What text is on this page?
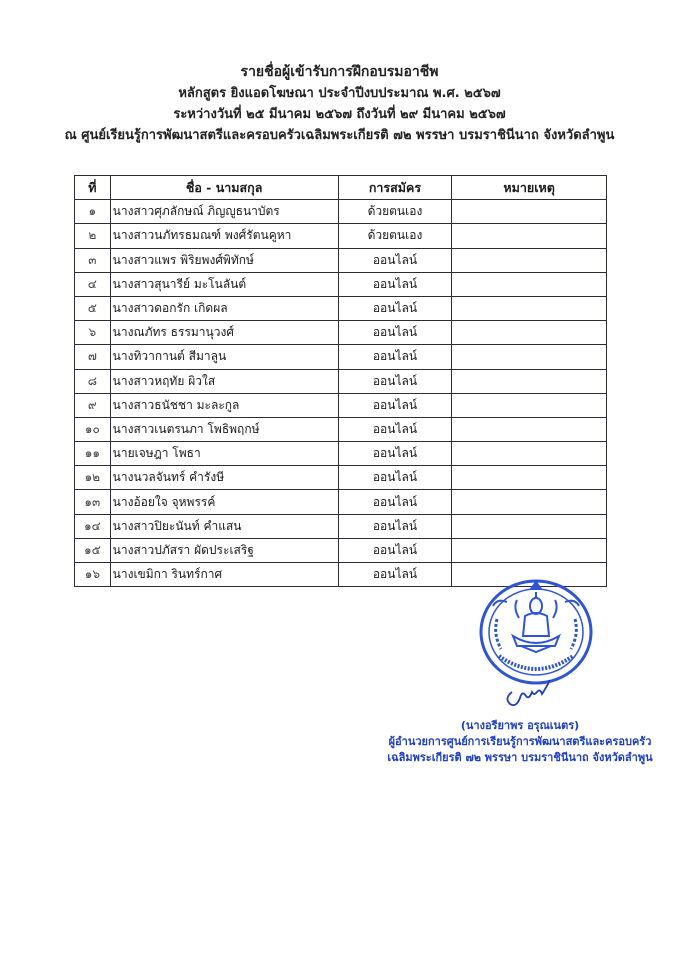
รายชื่อผู้เข้ารับการฝึกอบรมอาชีพ
หลักสูตร ยิงแอดโฆษณา ประจำปีงบประมาณ พ.ศ. ๒๕๖๗
ระหว่างวันที่ ๒๕ มีนาคม ๒๕๖๗ ถึงวันที่ ๒๙ มีนาคม ๒๕๖๗
ณ ศูนย์เรียนรู้การพัฒนาสตรีและครอบครัวเฉลิมพระเกียรติ ๗๒ พรรษา บรมราชินีนาถ จังหวัดลำพูน
ที่	ชื่อ - นามสกุล	การสมัคร	หมายเหตุ
๑	นางสาวศุภลักษณ์ ภิญญูธนาบัตร	ด้วยตนเอง	
๒	นางสาวนภัทรธมณฑ์ พงศ์รัตนคูหา	ด้วยตนเอง	
๓	นางสาวแพร พิริยพงศ์พิทักษ์	ออนไลน์	
๔	นางสาวสุนารีย์ มะโนลันต์	ออนไลน์	
๕	นางสาวดอกรัก เกิดผล	ออนไลน์	
๖	นางณภัทร ธรรมานุวงศ์	ออนไลน์	
๗	นางทิวากานต์ สีมาลูน	ออนไลน์	
๘	นางสาวหฤทัย ผิวใส	ออนไลน์	
๙	นางสาวธนัชชา มะละกูล	ออนไลน์	
๑๐	นางสาวเนตรนภา โพธิพฤกษ์	ออนไลน์	
๑๑	นายเจษฎา โพธา	ออนไลน์	
๑๒	นางนวลจันทร์ คำรังษี	ออนไลน์	
๑๓	นางอ้อยใจ จุหพรรค์	ออนไลน์	
๑๔	นางสาวปิยะนันท์ คำแสน	ออนไลน์	
๑๕	นางสาวปภัสรา ผัดประเสริฐ	ออนไลน์	
๑๖	นางเขมิกา รินทร์กาศ	ออนไลน์	
(นางอรียาพร อรุณเนตร)
ผู้อำนวยการศูนย์การเรียนรู้การพัฒนาสตรีและครอบครัว
เฉลิมพระเกียรติ ๗๒ พรรษา บรมราชินีนาถ จังหวัดลำพูน
